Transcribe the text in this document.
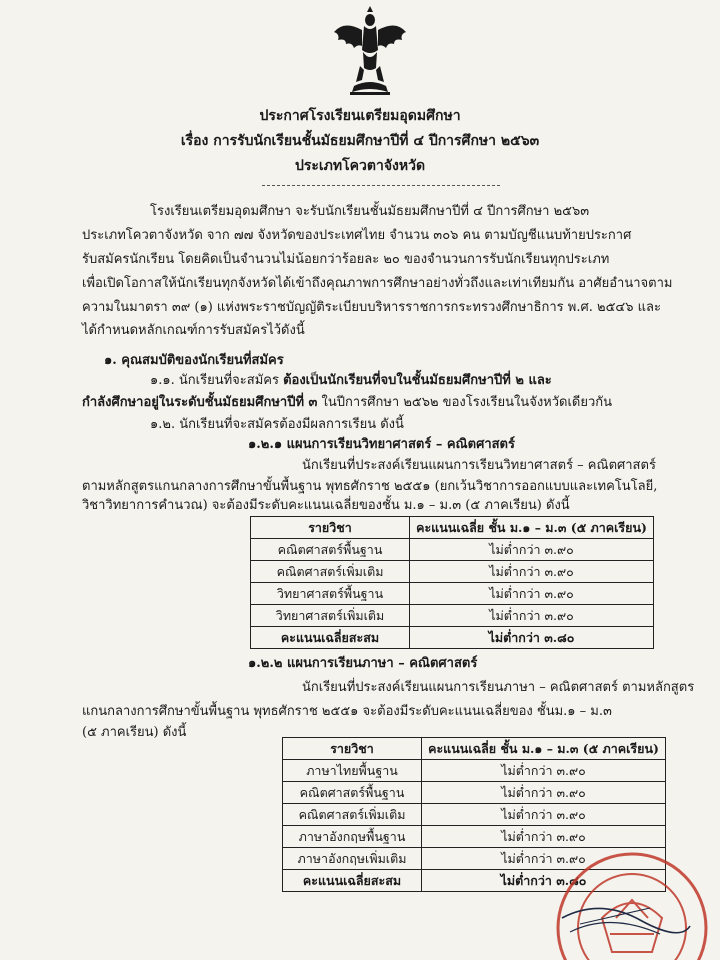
ประกาศโรงเรียนเตรียมอุดมศึกษา
เรื่อง การรับนักเรียนชั้นมัธยมศึกษาปีที่ ๔ ปีการศึกษา ๒๕๖๓
ประเภทโควตาจังหวัด
โรงเรียนเตรียมอุดมศึกษา จะรับนักเรียนชั้นมัธยมศึกษาปีที่ ๔ ปีการศึกษา ๒๕๖๓
ประเภทโควตาจังหวัด จาก ๗๗ จังหวัดของประเทศไทย จำนวน ๓๐๖ คน ตามบัญชีแนบท้ายประกาศ
รับสมัครนักเรียน โดยคิดเป็นจำนวนไม่น้อยกว่าร้อยละ ๒๐ ของจำนวนการรับนักเรียนทุกประเภท
เพื่อเปิดโอกาสให้นักเรียนทุกจังหวัดได้เข้าถึงคุณภาพการศึกษาอย่างทั่วถึงและเท่าเทียมกัน อาศัยอำนาจตาม
ความในมาตรา ๓๙ (๑) แห่งพระราชบัญญัติระเบียบบริหารราชการกระทรวงศึกษาธิการ พ.ศ. ๒๕๔๖ และ
ได้กำหนดหลักเกณฑ์การรับสมัครไว้ดังนี้
๑. คุณสมบัติของนักเรียนที่สมัคร
๑.๑. นักเรียนที่จะสมัคร ต้องเป็นนักเรียนที่จบในชั้นมัธยมศึกษาปีที่ ๒ และ
กำลังศึกษาอยู่ในระดับชั้นมัธยมศึกษาปีที่ ๓ ในปีการศึกษา ๒๕๖๒ ของโรงเรียนในจังหวัดเดียวกัน
๑.๒. นักเรียนที่จะสมัครต้องมีผลการเรียน ดังนี้
๑.๒.๑ แผนการเรียนวิทยาศาสตร์ – คณิตศาสตร์
นักเรียนที่ประสงค์เรียนแผนการเรียนวิทยาศาสตร์ – คณิตศาสตร์
ตามหลักสูตรแกนกลางการศึกษาขั้นพื้นฐาน พุทธศักราช ๒๕๕๑ (ยกเว้นวิชาการออกแบบและเทคโนโลยี,
วิชาวิทยาการคำนวณ) จะต้องมีระดับคะแนนเฉลี่ยของชั้น ม.๑ – ม.๓ (๕ ภาคเรียน) ดังนี้
รายวิชา	คะแนนเฉลี่ย ชั้น ม.๑ – ม.๓ (๕ ภาคเรียน)
คณิตศาสตร์พื้นฐาน	ไม่ต่ำกว่า ๓.๙๐
คณิตศาสตร์เพิ่มเติม	ไม่ต่ำกว่า ๓.๙๐
วิทยาศาสตร์พื้นฐาน	ไม่ต่ำกว่า ๓.๙๐
วิทยาศาสตร์เพิ่มเติม	ไม่ต่ำกว่า ๓.๙๐
คะแนนเฉลี่ยสะสม	ไม่ต่ำกว่า ๓.๘๐
๑.๒.๒ แผนการเรียนภาษา – คณิตศาสตร์
นักเรียนที่ประสงค์เรียนแผนการเรียนภาษา – คณิตศาสตร์ ตามหลักสูตร
แกนกลางการศึกษาขั้นพื้นฐาน พุทธศักราช ๒๕๕๑ จะต้องมีระดับคะแนนเฉลี่ยของ ชั้นม.๑ – ม.๓
(๕ ภาคเรียน) ดังนี้
รายวิชา	คะแนนเฉลี่ย ชั้น ม.๑ – ม.๓ (๕ ภาคเรียน)
ภาษาไทยพื้นฐาน	ไม่ต่ำกว่า ๓.๙๐
คณิตศาสตร์พื้นฐาน	ไม่ต่ำกว่า ๓.๙๐
คณิตศาสตร์เพิ่มเติม	ไม่ต่ำกว่า ๓.๙๐
ภาษาอังกฤษพื้นฐาน	ไม่ต่ำกว่า ๓.๙๐
ภาษาอังกฤษเพิ่มเติม	ไม่ต่ำกว่า ๓.๙๐
คะแนนเฉลี่ยสะสม	ไม่ต่ำกว่า ๓.๘๐
